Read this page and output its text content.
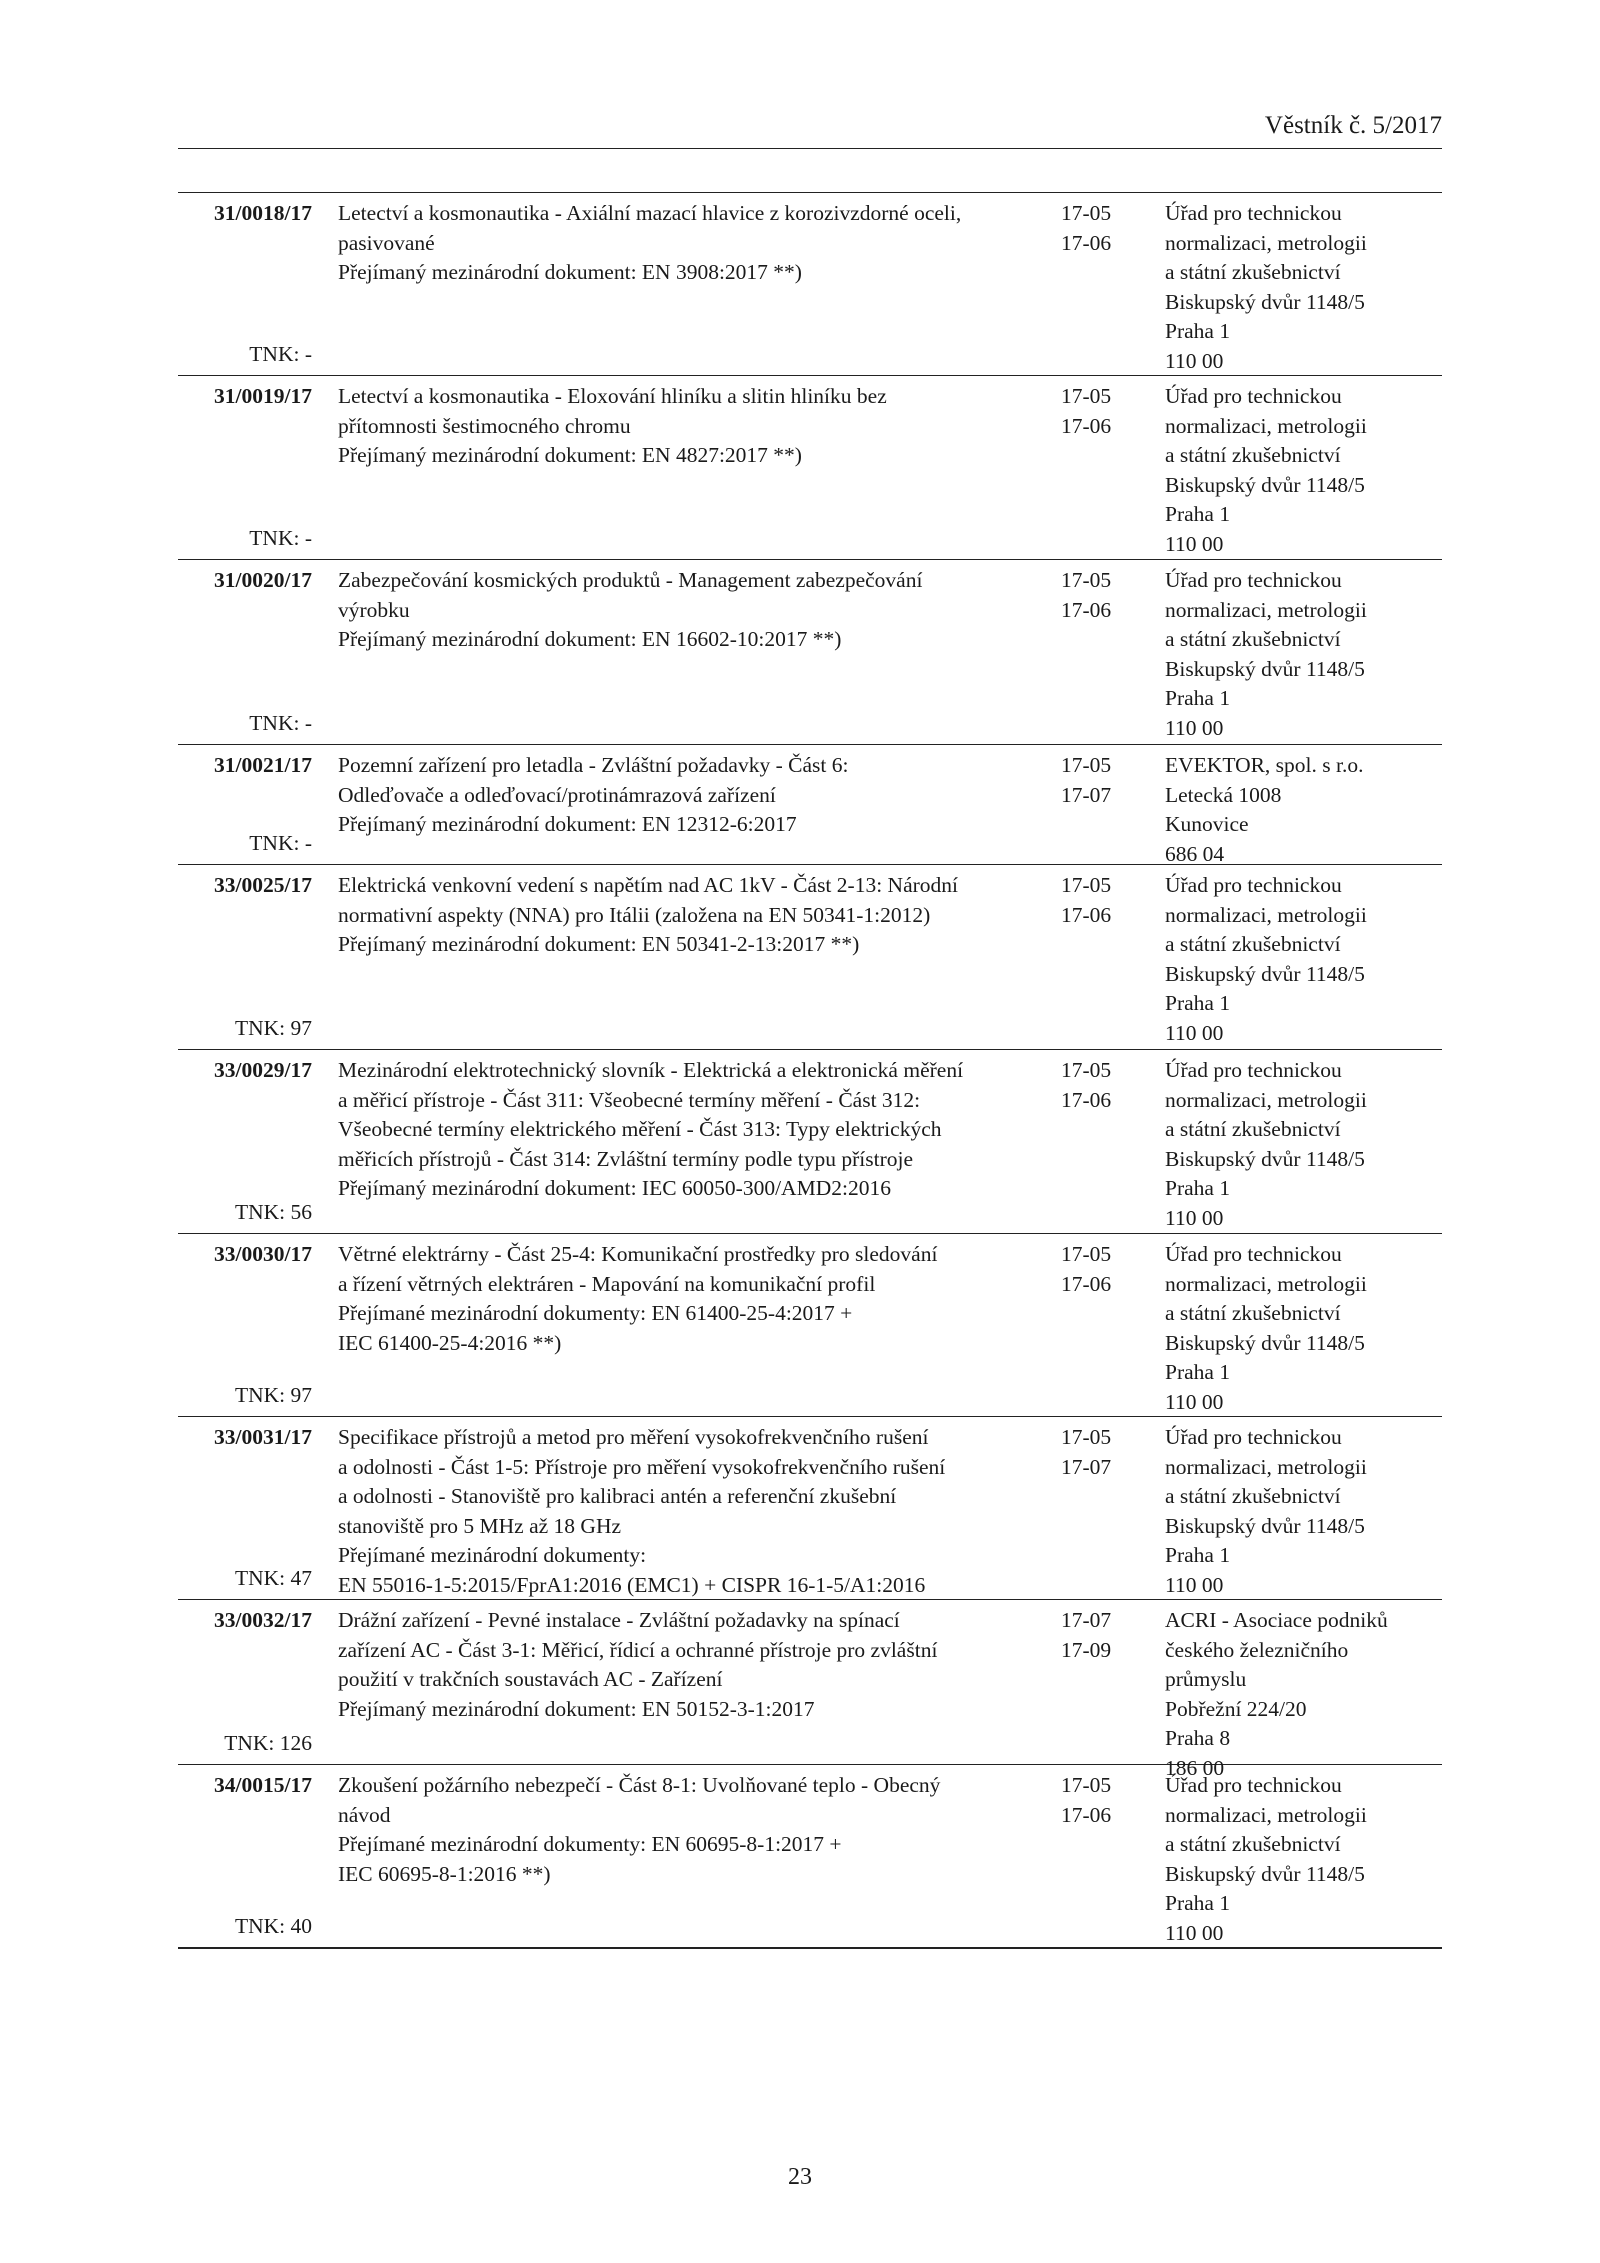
Věstník č. 5/2017
31/0018/17
TNK: -
Letectví a kosmonautika - Axiální mazací hlavice z korozivzdorné oceli,
pasivované
Přejímaný mezinárodní dokument: EN 3908:2017 **)
17-05
17-06
Úřad pro technickou
normalizaci, metrologii
a státní zkušebnictví
Biskupský dvůr 1148/5
Praha 1
110 00
31/0019/17
TNK: -
Letectví a kosmonautika - Eloxování hliníku a slitin hliníku bez
přítomnosti šestimocného chromu
Přejímaný mezinárodní dokument: EN 4827:2017 **)
17-05
17-06
Úřad pro technickou
normalizaci, metrologii
a státní zkušebnictví
Biskupský dvůr 1148/5
Praha 1
110 00
31/0020/17
TNK: -
Zabezpečování kosmických produktů - Management zabezpečování
výrobku
Přejímaný mezinárodní dokument: EN 16602-10:2017 **)
17-05
17-06
Úřad pro technickou
normalizaci, metrologii
a státní zkušebnictví
Biskupský dvůr 1148/5
Praha 1
110 00
31/0021/17
TNK: -
Pozemní zařízení pro letadla - Zvláštní požadavky - Část 6:
Odleďovače a odleďovací/protinámrazová zařízení
Přejímaný mezinárodní dokument: EN 12312-6:2017
17-05
17-07
EVEKTOR, spol. s r.o.
Letecká 1008
Kunovice
686 04
33/0025/17
TNK: 97
Elektrická venkovní vedení s napětím nad AC 1kV - Část 2-13: Národní
normativní aspekty (NNA) pro Itálii (založena na EN 50341-1:2012)
Přejímaný mezinárodní dokument: EN 50341-2-13:2017 **)
17-05
17-06
Úřad pro technickou
normalizaci, metrologii
a státní zkušebnictví
Biskupský dvůr 1148/5
Praha 1
110 00
33/0029/17
TNK: 56
Mezinárodní elektrotechnický slovník - Elektrická a elektronická měření
a měřicí přístroje - Část 311: Všeobecné termíny měření - Část 312:
Všeobecné termíny elektrického měření - Část 313: Typy elektrických
měřicích přístrojů - Část 314: Zvláštní termíny podle typu přístroje
Přejímaný mezinárodní dokument: IEC 60050-300/AMD2:2016
17-05
17-06
Úřad pro technickou
normalizaci, metrologii
a státní zkušebnictví
Biskupský dvůr 1148/5
Praha 1
110 00
33/0030/17
TNK: 97
Větrné elektrárny - Část 25-4: Komunikační prostředky pro sledování
a řízení větrných elektráren - Mapování na komunikační profil
Přejímané mezinárodní dokumenty: EN 61400-25-4:2017 +
IEC 61400-25-4:2016 **)
17-05
17-06
Úřad pro technickou
normalizaci, metrologii
a státní zkušebnictví
Biskupský dvůr 1148/5
Praha 1
110 00
33/0031/17
TNK: 47
Specifikace přístrojů a metod pro měření vysokofrekvenčního rušení
a odolnosti - Část 1-5: Přístroje pro měření vysokofrekvenčního rušení
a odolnosti - Stanoviště pro kalibraci antén a referenční zkušební
stanoviště pro 5 MHz až 18 GHz
Přejímané mezinárodní dokumenty:
EN 55016-1-5:2015/FprA1:2016 (EMC1) + CISPR 16-1-5/A1:2016
17-05
17-07
Úřad pro technickou
normalizaci, metrologii
a státní zkušebnictví
Biskupský dvůr 1148/5
Praha 1
110 00
33/0032/17
TNK: 126
Drážní zařízení - Pevné instalace - Zvláštní požadavky na spínací
zařízení AC - Část 3-1: Měřicí, řídicí a ochranné přístroje pro zvláštní
použití v trakčních soustavách AC - Zařízení
Přejímaný mezinárodní dokument: EN 50152-3-1:2017
17-07
17-09
ACRI - Asociace podniků
českého železničního
průmyslu
Pobřežní 224/20
Praha 8
186 00
34/0015/17
TNK: 40
Zkoušení požárního nebezpečí - Část 8-1: Uvolňované teplo - Obecný
návod
Přejímané mezinárodní dokumenty: EN 60695-8-1:2017 +
IEC 60695-8-1:2016 **)
17-05
17-06
Úřad pro technickou
normalizaci, metrologii
a státní zkušebnictví
Biskupský dvůr 1148/5
Praha 1
110 00
23
